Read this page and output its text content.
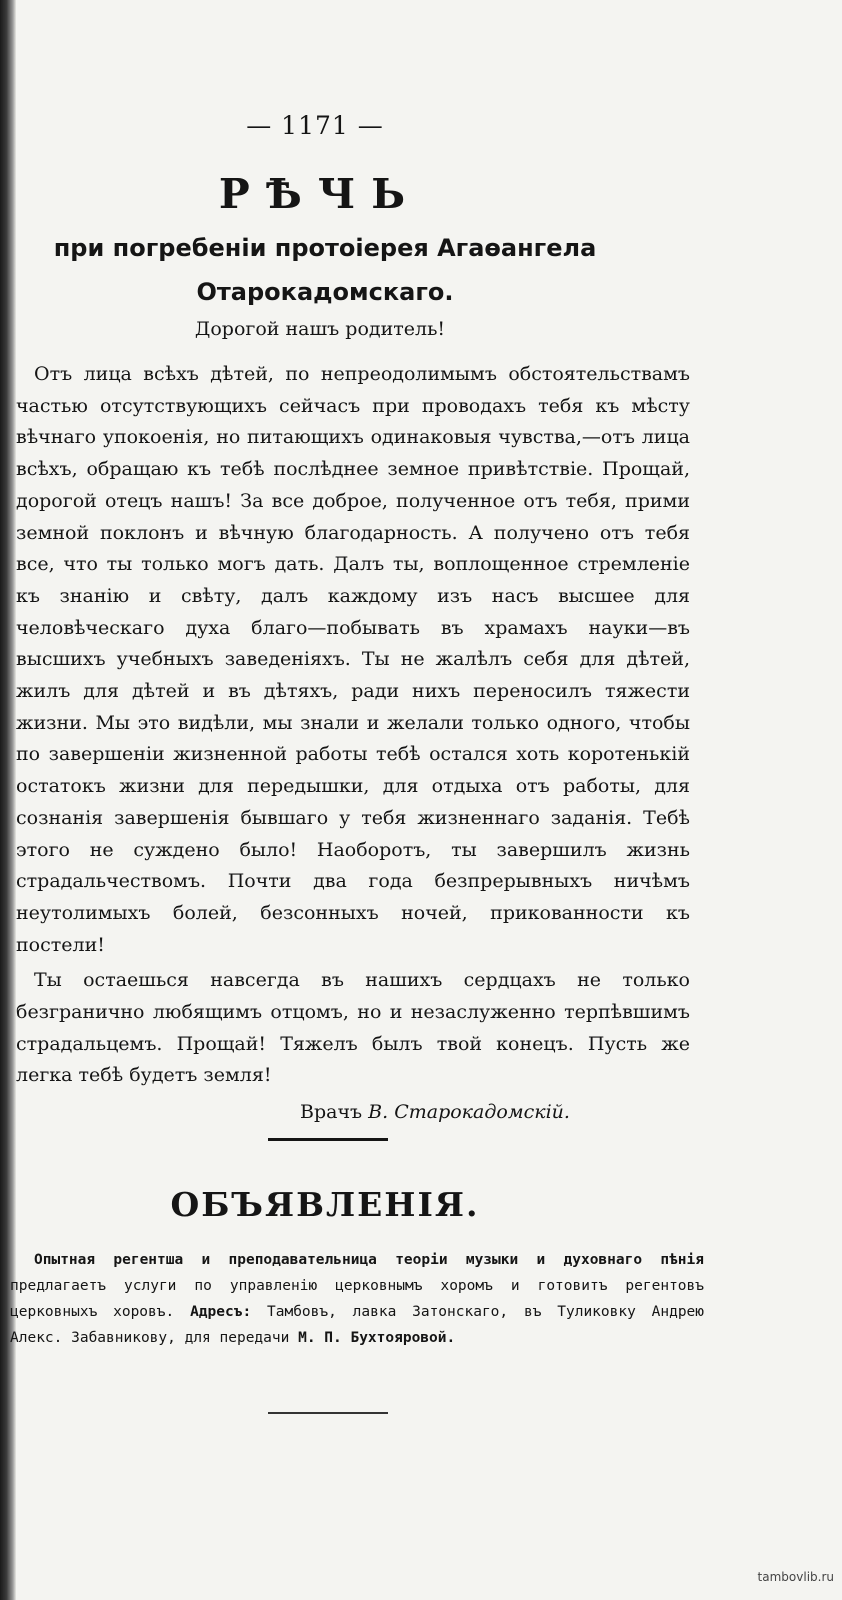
— 1171 —
РѢЧЬ
при погребеніи протоіерея Агаѳангела
Отарокадомскаго.
Дорогой нашъ родитель!

Отъ лица всѣхъ дѣтей, по непреодолимымъ обстоятельствамъ частью отсутствующихъ сейчасъ при проводахъ тебя къ мѣсту вѣчнаго упокоенія, но питающихъ одинаковыя чувства,—отъ лица всѣхъ, обращаю къ тебѣ послѣднее земное привѣтствіе. Прощай, дорогой отецъ нашъ! За все доброе, полученное отъ тебя, прими земной поклонъ и вѣчную благодарность. А получено отъ тебя все, что ты только могъ дать. Далъ ты, воплощенное стремленіе къ знанію и свѣту, далъ каждому изъ насъ высшее для человѣческаго духа благо—побывать въ храмахъ науки—въ высшихъ учебныхъ заведеніяхъ. Ты не жалѣлъ себя для дѣтей, жилъ для дѣтей и въ дѣтяхъ, ради нихъ переносилъ тяжести жизни. Мы это видѣли, мы знали и желали только одного, чтобы по завершеніи жизненной работы тебѣ остался хоть коротенькій остатокъ жизни для передышки, для отдыха отъ работы, для сознанія завершенія бывшаго у тебя жизненнаго заданія. Тебѣ этого не суждено было! Наоборотъ, ты завершилъ жизнь страдальчествомъ. Почти два года безпрерывныхъ ничѣмъ неутолимыхъ болей, безсонныхъ ночей, прикованности къ постели!

Ты остаешься навсегда въ нашихъ сердцахъ не только безгранично любящимъ отцомъ, но и незаслуженно терпѣвшимъ страдальцемъ. Прощай! Тяжелъ былъ твой конецъ. Пусть же легка тебѣ будетъ земля!

Врачъ В. Старокадомскій.
ОБЪЯВЛЕНІЯ.

Опытная регентша и преподавательница теоріи музыки и духовнаго пѣнія предлагаетъ услуги по управленію церковнымъ хоромъ и готовитъ регентовъ церковныхъ хоровъ. Адресъ: Тамбовъ, лавка Затонскаго, въ Туликовку Андрею Алекс. Забавникову, для передачи М. П. Бухтояровой.

tambovlib.ru
